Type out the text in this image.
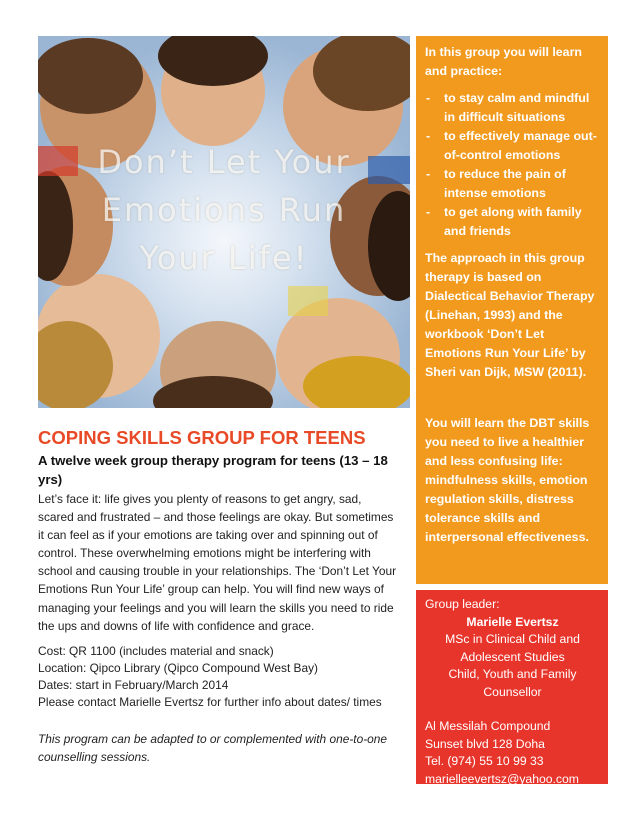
Don’t Let Your
Emotions Run
Your Life!

In this group you will learn and practice:

- to stay calm and mindful in difficult situations
- to effectively manage out-of-control emotions
- to reduce the pain of intense emotions
- to get along with family and friends

The approach in this group therapy is based on Dialectical Behavior Therapy (Linehan, 1993) and the workbook ‘Don’t Let Emotions Run Your Life’ by Sheri van Dijk, MSW (2011).

You will learn the DBT skills you need to live a healthier and less confusing life: mindfulness skills, emotion regulation skills, distress tolerance skills and interpersonal effectiveness.

Group leader:

Marielle Evertsz

MSc in Clinical Child and Adolescent Studies

Child, Youth and Family Counsellor

Al Messilah Compound

Sunset blvd 128 Doha

Tel. (974) 55 10 99 33

marielleevertsz@yahoo.com

COPING SKILLS GROUP FOR TEENS
A twelve week group therapy program for teens (13 – 18 yrs)
Let’s face it: life gives you plenty of reasons to get angry, sad, scared and frustrated – and those feelings are okay. But sometimes it can feel as if your emotions are taking over and spinning out of control. These overwhelming emotions might be interfering with school and causing trouble in your relationships. The ‘Don’t Let Your Emotions Run Your Life’ group can help. You will find new ways of managing your feelings and you will learn the skills you need to ride the ups and downs of life with confidence and grace.
Cost: QR 1100 (includes material and snack)
Location: Qipco Library (Qipco Compound West Bay)
Dates: start in February/March 2014
Please contact Marielle Evertsz for further info about dates/ times
This program can be adapted to or complemented with one-to-one counselling sessions.
